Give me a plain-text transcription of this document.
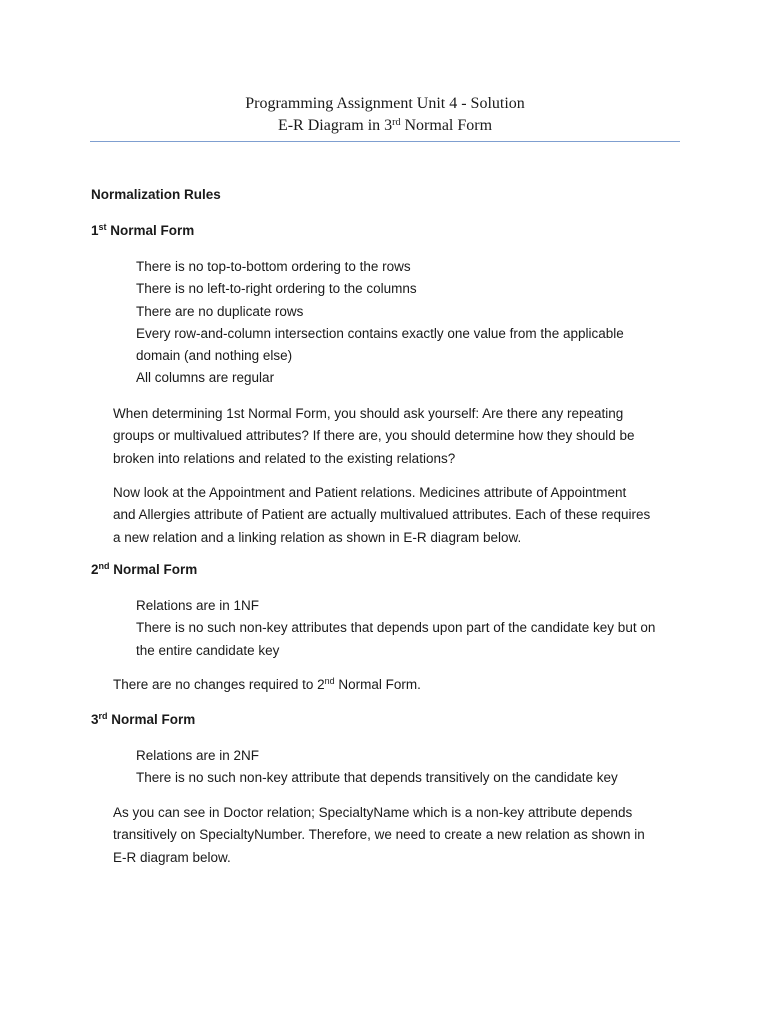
Programming Assignment Unit 4 - Solution
E-R Diagram in 3rd Normal Form
Normalization Rules
1st Normal Form
There is no top-to-bottom ordering to the rows
There is no left-to-right ordering to the columns
There are no duplicate rows
Every row-and-column intersection contains exactly one value from the applicable
domain (and nothing else)
All columns are regular
When determining 1st Normal Form, you should ask yourself: Are there any repeating
groups or multivalued attributes? If there are, you should determine how they should be
broken into relations and related to the existing relations?
Now look at the Appointment and Patient relations. Medicines attribute of Appointment
and Allergies attribute of Patient are actually multivalued attributes. Each of these requires
a new relation and a linking relation as shown in E-R diagram below.
2nd Normal Form
Relations are in 1NF
There is no such non-key attributes that depends upon part of the candidate key but on
the entire candidate key
There are no changes required to 2nd Normal Form.
3rd Normal Form
Relations are in 2NF
There is no such non-key attribute that depends transitively on the candidate key
As you can see in Doctor relation; SpecialtyName which is a non-key attribute depends
transitively on SpecialtyNumber. Therefore, we need to create a new relation as shown in
E-R diagram below.
